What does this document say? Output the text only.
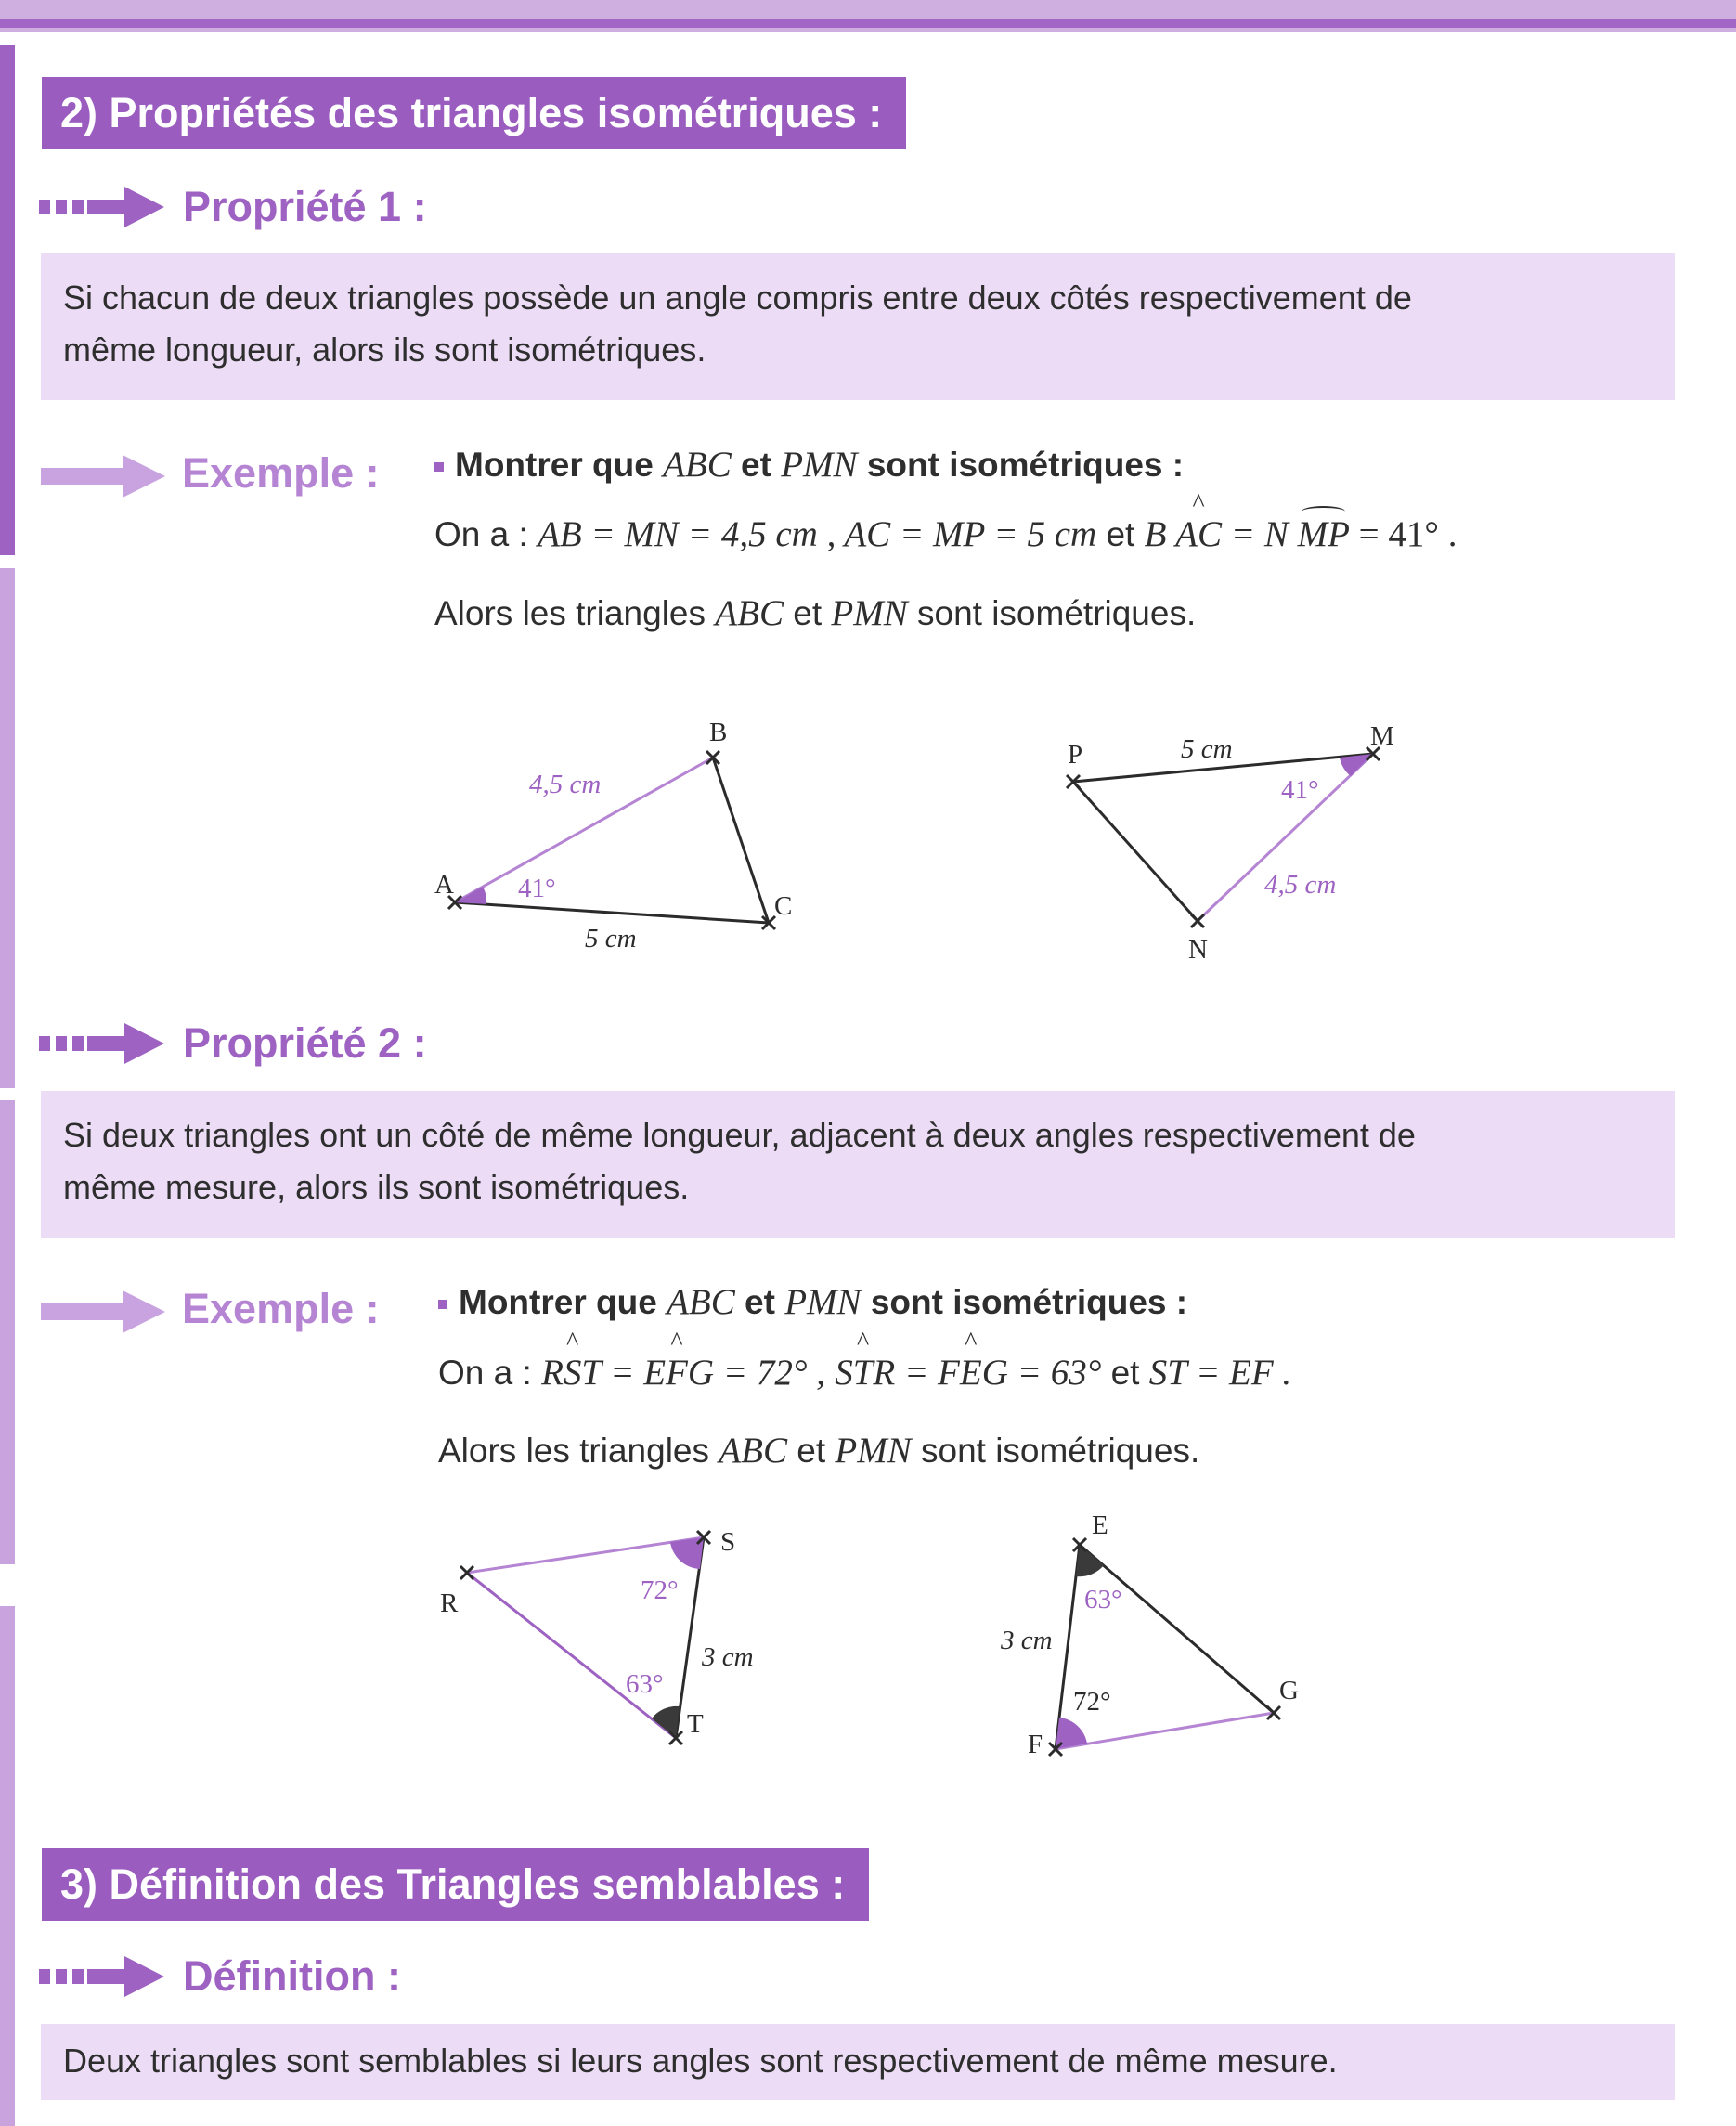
2) Propriétés des triangles isométriques :
Propriété 1 :

Si chacun de deux triangles possède un angle compris entre deux côtés respectivement de

même longueur, alors ils sont isométriques.

Exemple :	Montrer que ABC et PMN sont isométriques :
On a : AB = MN = 4,5 cm , AC = MP = 5 cm et B ^ AC = N MP = 41° .
Alors les triangles ABC et PMN sont isométriques.
A
B
C
4,5 cm
5 cm
41°
P
M
N
5 cm
4,5 cm
41°
Propriété 2 :

Si deux triangles ont un côté de même longueur, adjacent à deux angles respectivement de

même mesure, alors ils sont isométriques.

Exemple :	Montrer que ABC et PMN sont isométriques :
On a : R^ ST = E^ FG = 72° , S^ TR = F^ EG = 63° et ST = EF .
Alors les triangles ABC et PMN sont isométriques.
R
S
T
3 cm
72°
63°
E
F
G
3 cm
63°
72°
3) Définition des Triangles semblables :
Définition :

Deux triangles sont semblables si leurs angles sont respectivement de même mesure.
